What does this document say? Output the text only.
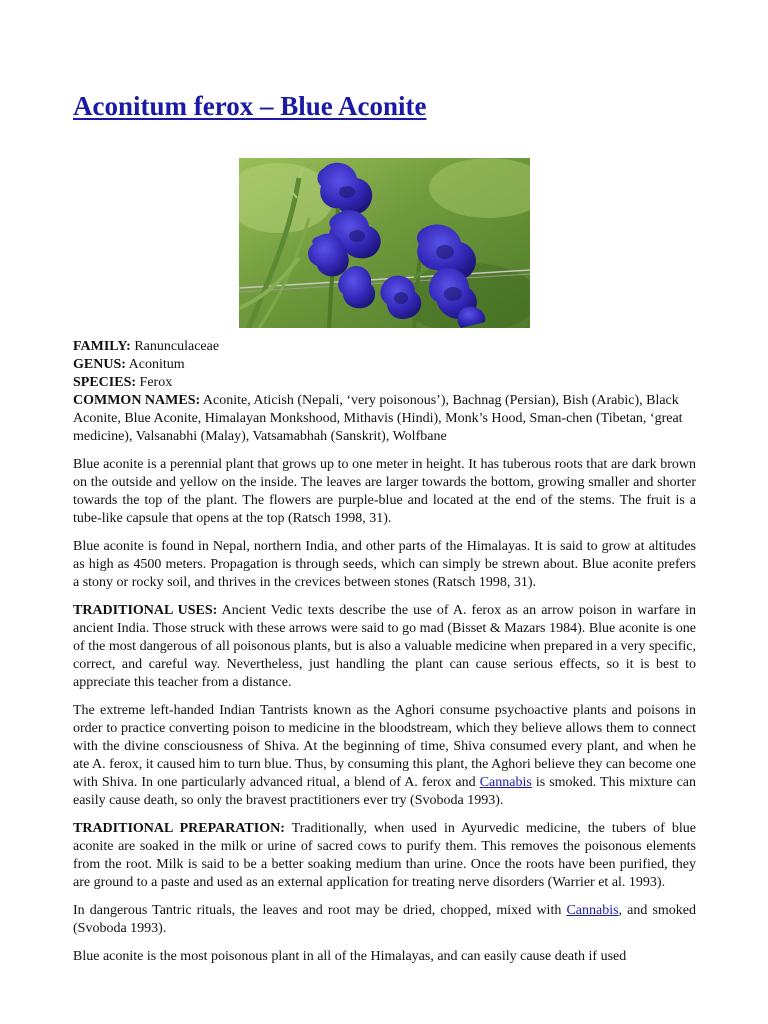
Aconitum ferox – Blue Aconite

FAMILY: Ranunculaceae

GENUS: Aconitum

SPECIES: Ferox

COMMON NAMES: Aconite, Aticish (Nepali, ‘very poisonous’), Bachnag (Persian), Bish (Arabic), Black Aconite, Blue Aconite, Himalayan Monkshood, Mithavis (Hindi), Monk’s Hood, Sman-chen (Tibetan, ‘great medicine), Valsanabhi (Malay), Vatsamabhah (Sanskrit), Wolfbane

Blue aconite is a perennial plant that grows up to one meter in height. It has tuberous roots that are dark brown on the outside and yellow on the inside. The leaves are larger towards the bottom, growing smaller and shorter towards the top of the plant. The flowers are purple-blue and located at the end of the stems. The fruit is a tube-like capsule that opens at the top (Ratsch 1998, 31).

Blue aconite is found in Nepal, northern India, and other parts of the Himalayas. It is said to grow at altitudes as high as 4500 meters. Propagation is through seeds, which can simply be strewn about. Blue aconite prefers a stony or rocky soil, and thrives in the crevices between stones (Ratsch 1998, 31).

TRADITIONAL USES: Ancient Vedic texts describe the use of A. ferox as an arrow poison in warfare in ancient India. Those struck with these arrows were said to go mad (Bisset & Mazars 1984). Blue aconite is one of the most dangerous of all poisonous plants, but is also a valuable medicine when prepared in a very specific, correct, and careful way. Nevertheless, just handling the plant can cause serious effects, so it is best to appreciate this teacher from a distance.

The extreme left-handed Indian Tantrists known as the Aghori consume psychoactive plants and poisons in order to practice converting poison to medicine in the bloodstream, which they believe allows them to connect with the divine consciousness of Shiva. At the beginning of time, Shiva consumed every plant, and when he ate A. ferox, it caused him to turn blue. Thus, by consuming this plant, the Aghori believe they can become one with Shiva. In one particularly advanced ritual, a blend of A. ferox and Cannabis is smoked. This mixture can easily cause death, so only the bravest practitioners ever try (Svoboda 1993).

TRADITIONAL PREPARATION: Traditionally, when used in Ayurvedic medicine, the tubers of blue aconite are soaked in the milk or urine of sacred cows to purify them. This removes the poisonous elements from the root. Milk is said to be a better soaking medium than urine. Once the roots have been purified, they are ground to a paste and used as an external application for treating nerve disorders (Warrier et al. 1993).

In dangerous Tantric rituals, the leaves and root may be dried, chopped, mixed with Cannabis, and smoked (Svoboda 1993).

Blue aconite is the most poisonous plant in all of the Himalayas, and can easily cause death if used
